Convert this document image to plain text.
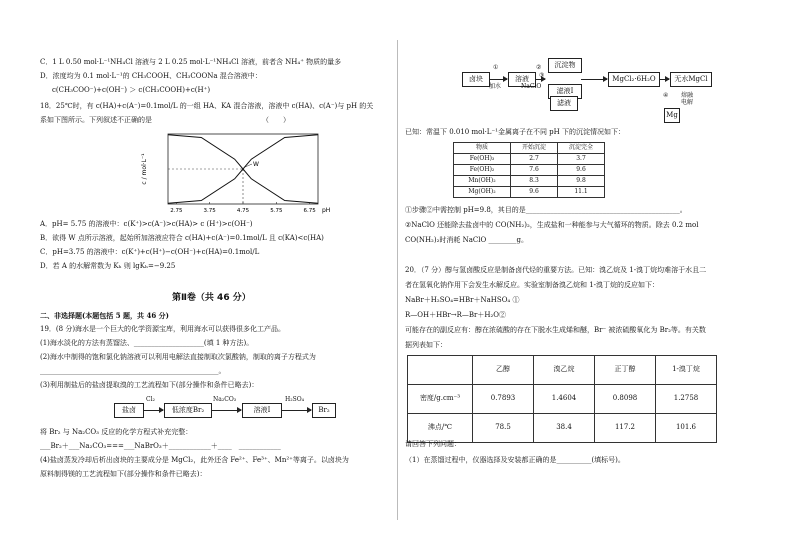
C．1 L 0.50 mol·L⁻¹NH₄Cl 溶液与 2 L 0.25 mol·L⁻¹NH₄Cl 溶液，前者含 NH₄⁺ 物质的量多
D．浓度均为 0.1 mol·L⁻¹的 CH₃COOH、CH₃COONa 混合溶液中：
c(CH₃COO⁻)+c(OH⁻) ＞ c(CH₃COOH)+c(H⁺)
18．25℃时，有 c(HA)+c(A⁻)=0.1mol/L 的一组 HA、KA 混合溶液，溶液中 c(HA)、c(A⁻)与 pH 的关
系如下图所示。下列叙述不正确的是	（　　）
2.75	3.75	4.75	5.75	6.75 pH
c / mol·L⁻¹	W
A．pH= 5.75 的溶液中：c(K⁺)>c(A⁻)>c(HA)> c (H⁺)>c(OH⁻)
B．欲得 W 点所示溶液，起始所加溶液应符合 c(HA)+c(A⁻)=0.1mol/L 且 c(KA)<c(HA)
C．pH=3.75 的溶液中：c(K⁺)+c(H⁺)−c(OH⁻)+c(HA)=0.1mol/L
D．若 A 的水解常数为 Kₕ 则 lgKₕ=−9.25
第Ⅱ卷（共 46 分）
二、非选择题(本题包括 5 题，共 46 分)
19．(8 分)海水是一个巨大的化学资源宝库，利用海水可以获得很多化工产品。
(1)海水淡化的方法有蒸馏法、____________________(填 1 种方法)。
(2)海水中制得的饱和氯化钠溶液可以利用电解法直接制取次氯酸钠，制取的离子方程式为
___________________________________________________。
(3)利用制盐后的盐卤提取溴的工艺流程如下(部分操作和条件已略去)：
盐卤
Cl₂
低浓度Br₂
Na₂CO₃
溶液Ⅰ
H₂SO₄
Br₂
将 Br₂ 与 Na₂CO₃ 反应的化学方程式补充完整：
___Br₂＋___Na₂CO₃===___NaBrO₃＋____________＋____　____________
(4)盐卤蒸发冷却后析出卤块的主要成分是 MgCl₂，此外还含 Fe²⁺、Fe³⁺、Mn²⁺等离子。以卤块为
原料制得镁的工艺流程如下(部分操作和条件已略去)：
卤块
①
加水
溶液
②
NaClO
沉淀物
③
滤液Ⅰ
MgCl₂·6H₂O	无水MgCl
④ 熔融
电解
滤液
Mg
已知：常温下 0.010 mol·L⁻¹金属离子在不同 pH 下的沉淀情况如下：
物质	开始沉淀	沉淀完全
Fe(OH)₃	2.7	3.7
Fe(OH)₂	7.6	9.6
Mn(OH)₂	8.3	9.8
Mg(OH)₂	9.6	11.1
①步骤②中需控制 pH=9.8，其目的是____________________________________________。
②NaClO 还能除去盐卤中的 CO(NH₂)₂，生成盐和一种能参与大气循环的物质。除去 0.2 mol
CO(NH₂)₂时消耗 NaClO ________g。
20．（7 分）醇与氢卤酸反应是制备卤代烃的重要方法。已知：溴乙烷及 1-溴丁烷均难溶于水且二
者在氢氧化钠作用下会发生水解反应。实验室制备溴乙烷和 1-溴丁烷的反应如下：
NaBr＋H₂SO₄=HBr＋NaHSO₄ ①
R—OH＋HBr→R—Br＋H₂O②
可能存在的副反应有：醇在浓硫酸的存在下脱水生成烯和醚，Br⁻ 被浓硫酸氧化为 Br₂等。有关数
据列表如下：
	乙醇	溴乙烷	正丁醇	1-溴丁烷
密度/g.cm⁻³	0.7893	1.4604	0.8098	1.2758
沸点/℃	78.5	38.4	117.2	101.6
请回答下列问题：
（1）在蒸馏过程中，仪器选择及安装都正确的是__________(填标号)。
